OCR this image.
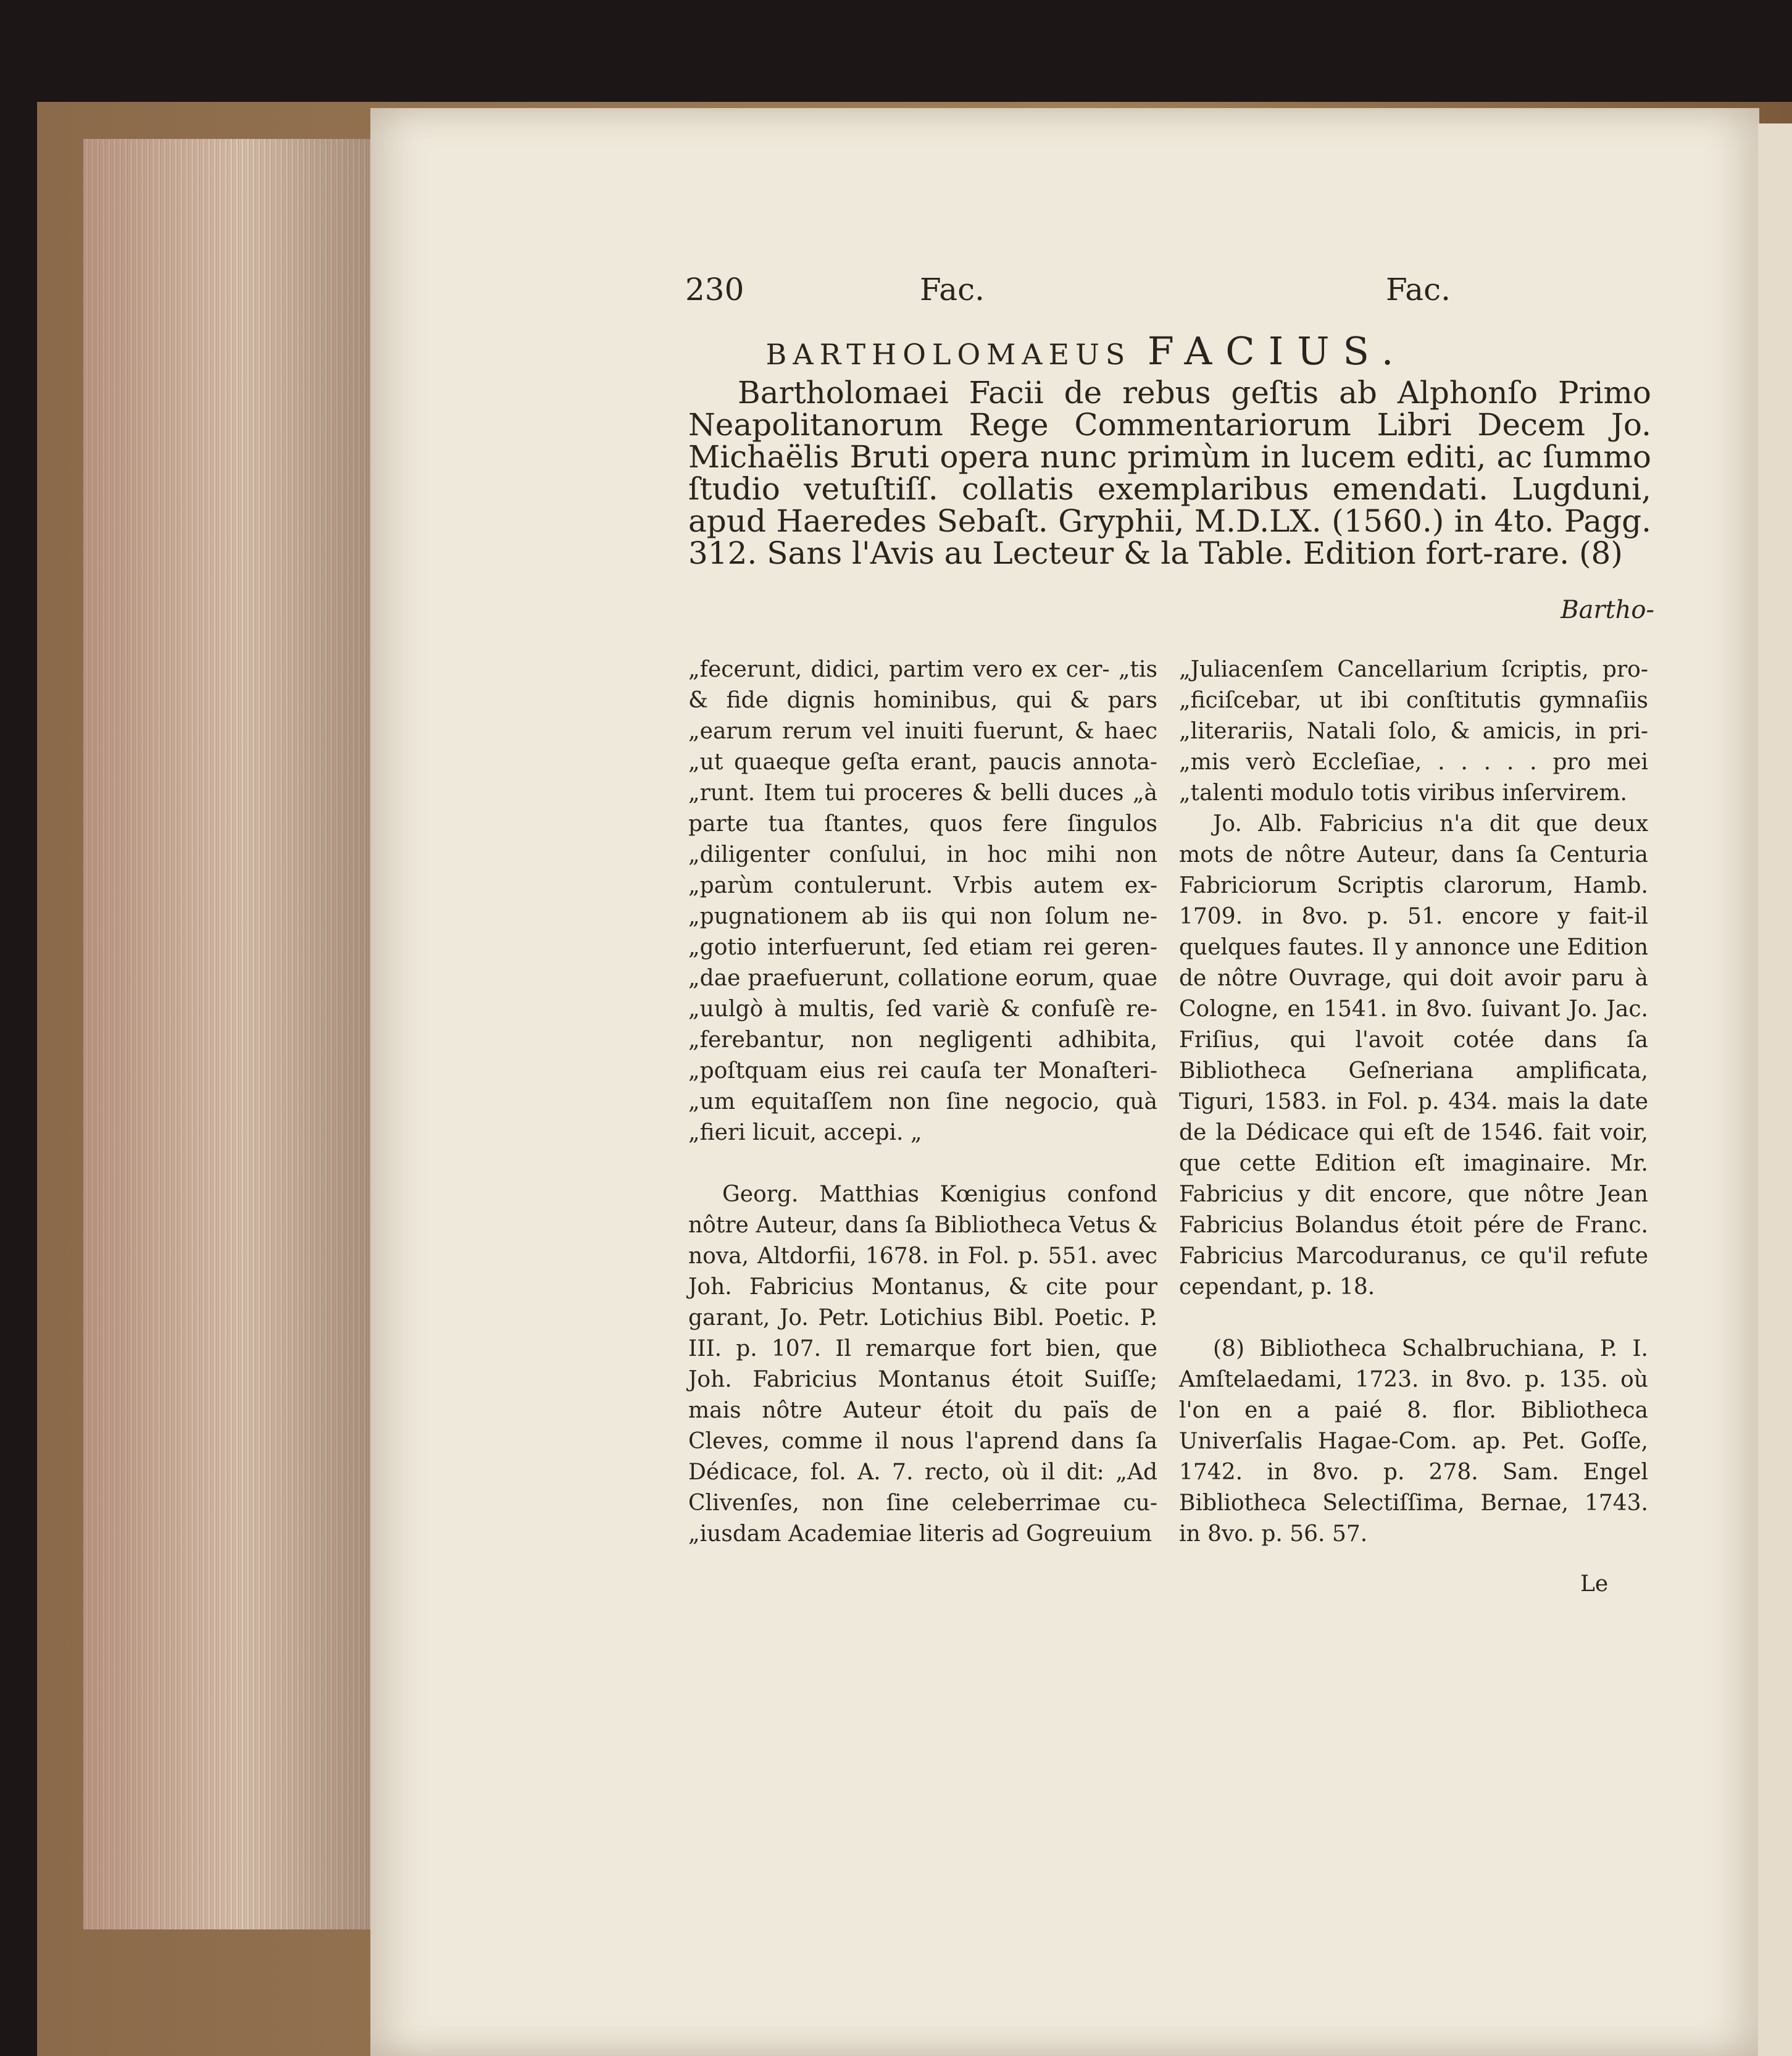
230	Fac.	Fac.
BARTHOLOMAEUS FACIUS.

Bartholomaei Facii de rebus geſtis ab Alphonſo Primo Neapolitanorum Rege Commentariorum Libri Decem Jo. Michaëlis Bruti opera nunc primùm in lucem editi, ac ſummo ſtudio vetuſtiſſ. collatis exemplaribus emendati. Lugduni, apud Haeredes Sebaſt. Gryphii, M.D.LX. (1560.) in 4to. Pagg. 312. Sans l'Avis au Lecteur & la Table. Edition fort-rare. (8)

Bartho-

„fecerunt, didici, partim vero ex cer- „tis & fide dignis hominibus, qui & pars „earum rerum vel inuiti fuerunt, & haec „ut quaeque geſta erant, paucis annota- „runt. Item tui proceres & belli duces „à parte tua ſtantes, quos fere ſingulos „diligenter conſului, in hoc mihi non „parùm contulerunt. Vrbis autem ex- „pugnationem ab iis qui non ſolum ne- „gotio interfuerunt, ſed etiam rei geren- „dae praefuerunt, collatione eorum, quae „uulgò à multis, ſed variè & confuſè re- „ferebantur, non negligenti adhibita, „poſtquam eius rei cauſa ter Monaſteri- „um equitaſſem non ſine negocio, quà „fieri licuit, accepi. „

Georg. Matthias Kœnigius confond nôtre Auteur, dans ſa Bibliotheca Vetus & nova, Altdorfii, 1678. in Fol. p. 551. avec Joh. Fabricius Montanus, & cite pour garant, Jo. Petr. Lotichius Bibl. Poetic. P. III. p. 107. Il remarque fort bien, que Joh. Fabricius Montanus étoit Suiſſe; mais nôtre Auteur étoit du païs de Cleves, comme il nous l'aprend dans ſa Dédicace, fol. A. 7. recto, où il dit: „Ad Clivenſes, non ſine celeberrimae cu- „iusdam Academiae literis ad Gogreuium

„Juliacenſem Cancellarium ſcriptis, pro- „ficiſcebar, ut ibi conſtitutis gymnaſiis „literariis, Natali ſolo, & amicis, in pri- „mis verò Eccleſiae, . . . . . pro mei „talenti modulo totis viribus inſervirem.

Jo. Alb. Fabricius n'a dit que deux mots de nôtre Auteur, dans ſa Centuria Fabriciorum Scriptis clarorum, Hamb. 1709. in 8vo. p. 51. encore y fait-il quelques fautes. Il y annonce une Edition de nôtre Ouvrage, qui doit avoir paru à Cologne, en 1541. in 8vo. ſuivant Jo. Jac. Friſius, qui l'avoit cotée dans ſa Bibliotheca Geſneriana amplificata, Tiguri, 1583. in Fol. p. 434. mais la date de la Dédicace qui eſt de 1546. fait voir, que cette Edition eſt imaginaire. Mr. Fabricius y dit encore, que nôtre Jean Fabricius Bolandus étoit pére de Franc. Fabricius Marcoduranus, ce qu'il refute cependant, p. 18.

(8) Bibliotheca Schalbruchiana, P. I. Amſtelaedami, 1723. in 8vo. p. 135. où l'on en a paié 8. flor. Bibliotheca Univerſalis Hagae-Com. ap. Pet. Goſſe, 1742. in 8vo. p. 278. Sam. Engel Bibliotheca Selectiſſima, Bernae, 1743. in 8vo. p. 56. 57.

Le
